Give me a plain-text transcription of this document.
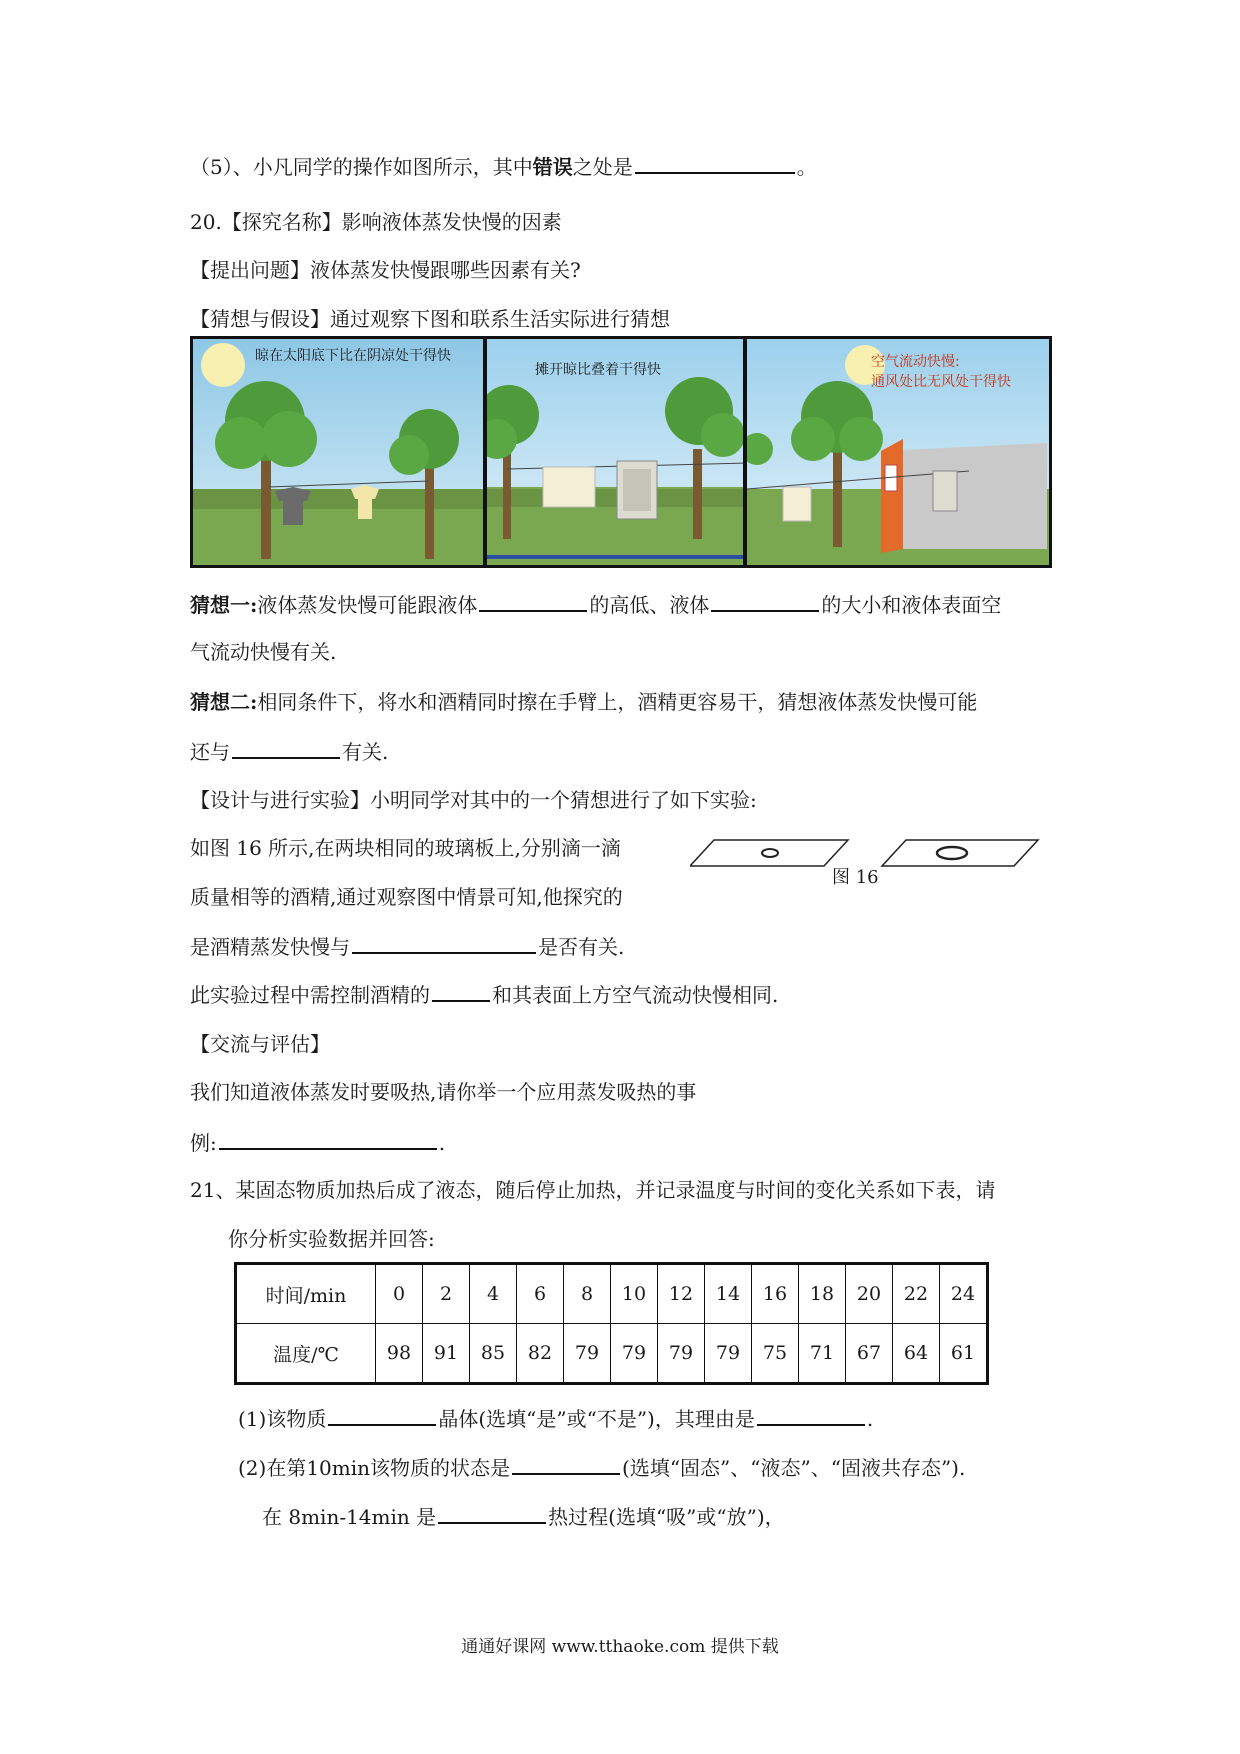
（5）、小凡同学的操作如图所示，其中错误之处是	。
20.【探究名称】影响液体蒸发快慢的因素
【提出问题】液体蒸发快慢跟哪些因素有关?
【猜想与假设】通过观察下图和联系生活实际进行猜想
晾在太阳底下比在阴凉处干得快
摊开晾比叠着干得快	空气流动快慢:
通风处比无风处干得快
猜想一:液体蒸发快慢可能跟液体	的高低、液体	的大小和液体表面空
气流动快慢有关.
猜想二:相同条件下，将水和酒精同时擦在手臂上，酒精更容易干，猜想液体蒸发快慢可能
还与	有关.
【设计与进行实验】小明同学对其中的一个猜想进行了如下实验:
如图 16 所示,在两块相同的玻璃板上,分别滴一滴
质量相等的酒精,通过观察图中情景可知,他探究的
是酒精蒸发快慢与	是否有关.
此实验过程中需控制酒精的	和其表面上方空气流动快慢相同.
图 16
【交流与评估】
我们知道液体蒸发时要吸热,请你举一个应用蒸发吸热的事
例:	.
21、某固态物质加热后成了液态，随后停止加热，并记录温度与时间的变化关系如下表，请
你分析实验数据并回答:
时间/min	0	2	4	6	8	10	12	14	16	18	20	22	24
温度/℃	98	91	85	82	79	79	79	79	75	71	67	64	61
(1)该物质	晶体(选填“是”或“不是”)，其理由是	.
(2)在第10min该物质的状态是	(选填“固态”、“液态”、“固液共存态”).
在 8min-14min 是	热过程(选填“吸”或“放”)，
通通好课网 www.tthaoke.com 提供下载
